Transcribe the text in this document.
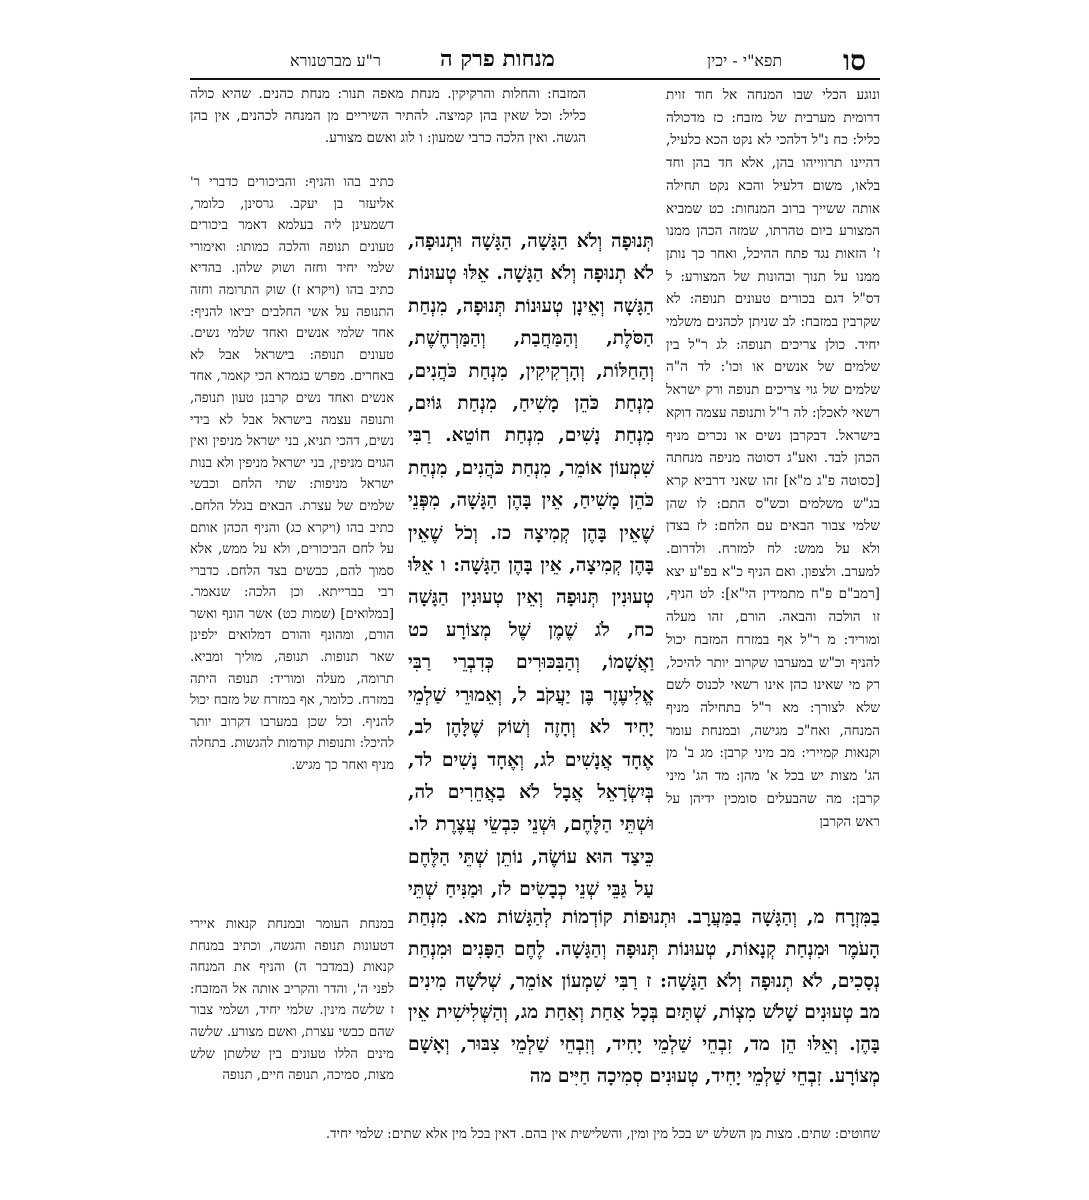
סו
תפא"י - יכין
מנחות פרק ה
ר"ע מברטנורא

ונוגע הכלי שבו המנחה אל חוד זוית דרומית מערבית של מזבח: כז מדכולה כליל: כח נ"ל דלהכי לא נקט הכא כלעיל, דהיינו תרווייהו בהן, אלא חד בהן וחד בלאו, משום דלעיל והכא נקט תחילה אותה ששייך ברוב המנחות: כט שמביא המצורע ביום טהרתו, שמזה הכהן ממנו ז' הזאות נגד פתח ההיכל, ואחר כך נותן ממנו על תנוך ובהונות של המצורע: ל דס"ל דגם בכורים טעונים תנופה: לא שקרבין במזבח: לב שניתן לכהנים משלמי יחיד. כולן צריכים תנופה: לג ר"ל בין שלמים של אנשים או וכו': לד ה"ה שלמים של גוי צריכים תנופה ורק ישראל רשאי לאכלן: לה ר"ל ותנופה עצמה דוקא בישראל. דבקרבן נשים או נכרים מניף הכהן לבד. ואע"ג דסוטה מניפה מנחתה [כסוטה פ"ג מ"א] זהו שאני דרביא קרא בג"ש משלמים וכש"ס התם: לו שהן שלמי צבור הבאים עם הלחם: לז בצדן ולא על ממש: לח למזרח. ולדרום. למערב. ולצפון. ואם הניף כ"א בפ"ע יצא [רמב"ם פ"ח מתמידין הי"א]: לט הניף, זו הולכה והבאה. הורם, זהו מעלה ומוריד: מ ר"ל אף במזרח המזבח יכול להניף וכ"ש במערבו שקרוב יותר להיכל, רק מי שאינו כהן אינו רשאי לכנוס לשם שלא לצורך: מא ר"ל בתחילה מניף המנחה, ואח"כ מגישה, ובמנחת עומר וקנאות קמיירי: מב מיני קרבן: מג ב' מן הג' מצות יש בכל א' מהן: מד הג' מיני קרבן: מה שהבעלים סומכין ידיהן על ראש הקרבן

המזבח: והחלות והרקיקין. מנחת מאפה תנור: מנחת כהנים. שהיא כולה כליל: וכל שאין בהן קמיצה. להתיר השיריים מן המנחה לכהנים, אין בהן הגשה. ואין הלכה כרבי שמעון: ו לוג ואשם מצורע.

תְּנוּפָה וְלֹא הַגָּשָׁה, הַגָּשָׁה וּתְנוּפָה, לֹא תְנוּפָה וְלֹא הַגָּשָׁה. אֵלּוּ טְעוּנוֹת הַגָּשָׁה וְאֵינָן טְעוּנוֹת תְּנוּפָה, מִנְחַת הַסֹּלֶת, וְהַמַּחֲבַת, וְהַמַּרְחֶשֶׁת, וְהַחַלּוֹת, וְהָרְקִיקִין, מִנְחַת כֹּהֲנִים, מִנְחַת כֹּהֵן מָשִׁיחַ, מִנְחַת גּוֹיִם, מִנְחַת נָשִׁים, מִנְחַת חוֹטֵא. רַבִּי שִׁמְעוֹן אוֹמֵר, מִנְחַת כֹּהֲנִים, מִנְחַת כֹּהֵן מָשִׁיחַ, אֵין בָּהֶן הַגָּשָׁה, מִפְּנֵי שֶׁאֵין בָּהֶן קְמִיצָה כז. וְכֹל שֶׁאֵין בָּהֶן קְמִיצָה, אֵין בָּהֶן הַגָּשָׁה: ו אֵלּוּ טְעוּנִין תְּנוּפָה וְאֵין טְעוּנִין הַגָּשָׁה כח, לֹג שֶׁמֶן שֶׁל מְצוֹרָע כט וַאֲשָׁמוֹ, וְהַבִּכּוּרִים כְּדִבְרֵי רַבִּי אֱלִיעֶזֶר בֶּן יַעֲקֹב ל, וְאֵמוּרֵי שַׁלְמֵי יָחִיד לא וְחָזֶה וְשׁוֹק שֶׁלָּהֶן לב, אֶחָד אֲנָשִׁים לג, וְאֶחָד נָשִׁים לד, בְּיִשְׂרָאֵל אֲבָל לֹא בַאֲחֵרִים לה, וּשְׁתֵּי הַלֶּחֶם, וּשְׁנֵי כִּבְשֵׂי עֲצֶרֶת לו. כֵּיצַד הוּא עוֹשֶׂה, נוֹתֵן שְׁתֵּי הַלֶּחֶם עַל גַּבֵּי שְׁנֵי כְבָשִׂים לז, וּמַנִּיחַ שְׁתֵּי

כתיב בהו והניף: והביכורים כדברי ר' אליעזר בן יעקב. גרסינן, כלומר, דשמעינן ליה בעלמא דאמר ביכורים טעונים תנופה והלכה כמותו: ואימורי שלמי יחיד וחזה ושוק שלהן. בהדיא כתיב בהו (ויקרא ז) שוק התרומה וחזה התנופה על אשי החלבים יביאו להניף: אחד שלמי אנשים ואחד שלמי נשים. טעונים תנופה: בישראל אבל לא באחרים. מפרש בגמרא הכי קאמר, אחד אנשים ואחד נשים קרבנן טעון תנופה, ותנופה עצמה בישראל אבל לא בידי נשים, דהכי תניא, בני ישראל מניפין ואין הגוים מניפין, בני ישראל מניפין ולא בנות ישראל מניפות: שתי הלחם וכבשי שלמים של עצרת. הבאים בגלל הלחם. כתיב בהו (ויקרא כג) והניף הכהן אותם על לחם הביכורים, ולא על ממש, אלא סמוך להם, כבשים בצד הלחם. כדברי רבי בברייתא. וכן הלכה: שנאמר. [במלואים] (שמות כט) אשר הונף ואשר הורם, ומהונף והורם דמלואים ילפינן שאר תנופות. תנופה, מוליך ומביא. תרומה, מעלה ומוריד: תנופה היתה במזרח. כלומר, אף במזרח של מזבח יכול להניף. וכל שכן במערבו דקרוב יותר להיכל: ותנופות קודמות להגשות. בתחלה מניף ואחר כך מגיש.

בַמִּזְרָח מ, וְהַגָּשָׁה בַמַּעֲרָב. וּתְנוּפוֹת קוֹדְמוֹת לְהַגָּשׁוֹת מא. מִנְחַת הָעֹמֶר וּמִנְחַת קְנָאוֹת, טְעוּנוֹת תְּנוּפָה וְהַגָּשָׁה. לֶחֶם הַפָּנִים וּמִנְחַת נְסָכִים, לֹא תְנוּפָה וְלֹא הַגָּשָׁה: ז רַבִּי שִׁמְעוֹן אוֹמֵר, שְׁלֹשָׁה מִינִים מב טְעוּנִים שָׁלֹשׁ מִצְוֹת, שְׁתַּיִם בְּכָל אַחַת וְאַחַת מג, וְהַשְּׁלִישִׁית אֵין בָּהֶן. וְאֵלּוּ הֵן מד, זִבְחֵי שַׁלְמֵי יָחִיד, וְזִבְחֵי שַׁלְמֵי צִבּוּר, וְאָשָׁם מְצוֹרָע. זִבְחֵי שַׁלְמֵי יָחִיד, טְעוּנִים סְמִיכָה חַיִּים מה

במנחת העומר ובמנחת קנאות איירי דטעונות תנופה והגשה, וכתיב במנחת קנאות (במדבר ה) והניף את המנחה לפני ה', והדר והקריב אותה אל המזבח: ז שלשה מינין. שלמי יחיד, ושלמי צבור שהם כבשי עצרת, ואשם מצורע. שלשה מינים הללו טעונים בין שלשתן שלש מצות, סמיכה, תנופה חיים, תנופה

שחוטים: שתים. מצות מן השלש יש בכל מין ומין, והשלישית אין בהם. דאין בכל מין אלא שתים: שלמי יחיד.
